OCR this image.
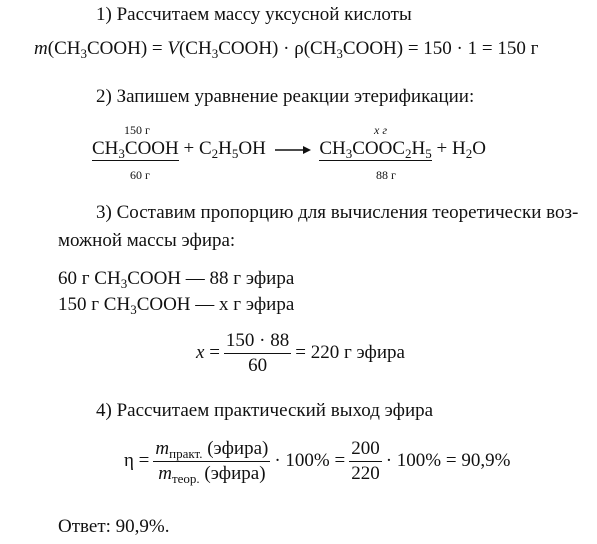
1) Рассчитаем массу уксусной кислоты
$m(CH_3COOH)$ = $V(CH_3COOH)$ · $\rho(CH_3COOH) = 150 \cdot 1 = 150$ г
2) Запишем уравнение реакции этерификации:
150 г	x г
$CH_3COOH + C_2H_5OH$ → $CH_3COOC_2H_5 + H_2O$
60 г	88 г
3) Составим пропорцию для вычисления теоретически воз-
можной массы эфира:
60 г $CH_3COOH$ — 88 г эфира
150 г $CH_3COOH$ — x г эфира
x
= $\frac{150 \cdot 88}{60} = 220$ г эфира
4) Рассчитаем практический выход эфира
$\eta = \frac{m_{практ.} (эфира)}{m_{теор.} (эфира)} \cdot 100\% = \frac{200}{220} \cdot 100\% = 90,9\%$
Ответ: 90,9%.
